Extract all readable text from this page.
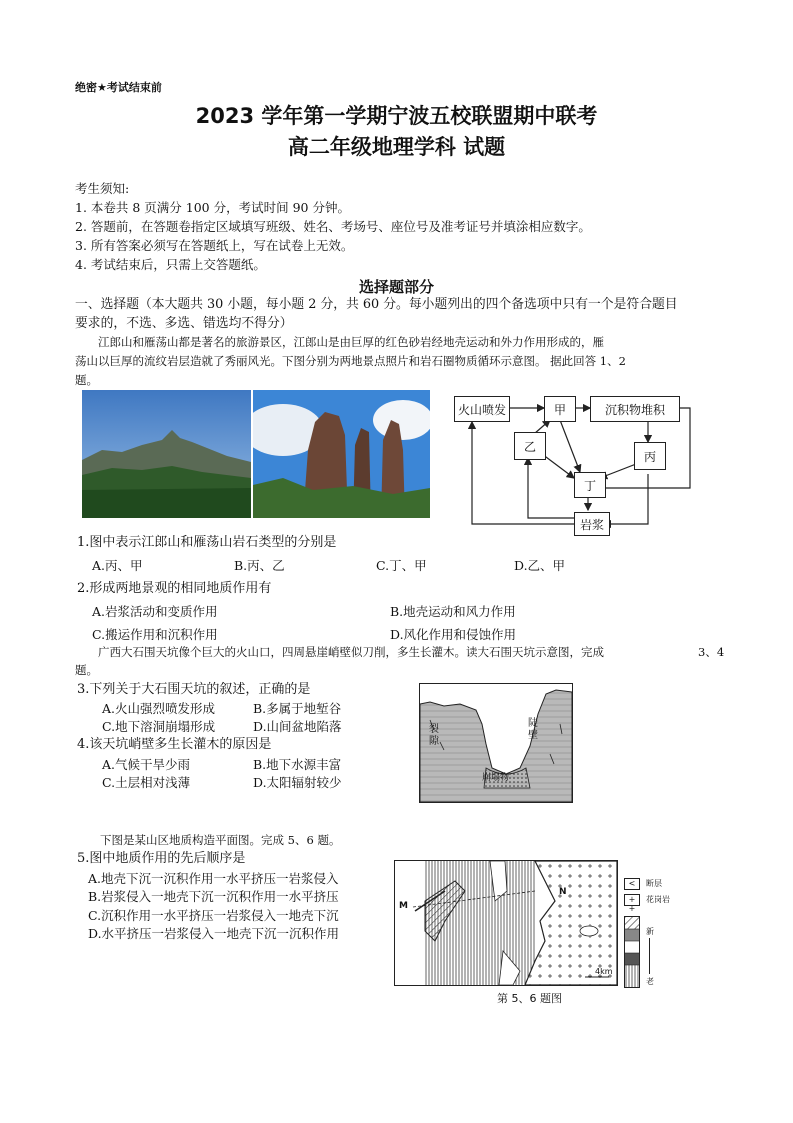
绝密★考试结束前
2023 学年第一学期宁波五校联盟期中联考
高二年级地理学科 试题
考生须知:
1. 本卷共 8 页满分 100 分，考试时间 90 分钟。
2. 答题前，在答题卷指定区域填写班级、姓名、考场号、座位号及准考证号并填涂相应数字。
3. 所有答案必须写在答题纸上，写在试卷上无效。
4. 考试结束后，只需上交答题纸。
选择题部分
一、选择题（本大题共 30 小题，每小题 2 分，共 60 分。每小题列出的四个备选项中只有一个是符合题目
要求的，不选、多选、错选均不得分）
江郎山和雁荡山都是著名的旅游景区，江郎山是由巨厚的红色砂岩经地壳运动和外力作用形成的，雁
荡山以巨厚的流纹岩层造就了秀丽风光。下图分别为两地景点照片和岩石圈物质循环示意图。 据此回答 1、2
题。
火山喷发	甲	沉积物堆积
乙
丙
丁
岩浆
1.图中表示江郎山和雁荡山岩石类型的分别是
A.丙、甲	B.丙、乙	C.丁、甲	D.乙、甲
2.形成两地景观的相同地质作用有
A.岩浆活动和变质作用	B.地壳运动和风力作用
C.搬运作用和沉积作用	D.风化作用和侵蚀作用
广西大石围天坑像个巨大的火山口，四周悬崖峭壁似刀削，多生长灌木。读大石围天坑示意图，完成	3、4
题。
3.下列关于大石围天坑的叙述，正确的是
A.火山强烈喷发形成	B.多属于地堑谷
C.地下溶洞崩塌形成	D.山间盆地陷落
4.该天坑峭壁多生长灌木的原因是
A.气候干旱少雨	B.地下水源丰富
C.土层相对浅薄	D.太阳辐射较少
裂隙
陡壁
崩塌物
下图是某山区地质构造平面图。完成 5、6 题。
5.图中地质作用的先后顺序是
A.地壳下沉一沉积作用一水平挤压一岩浆侵入
B.岩浆侵入一地壳下沉一沉积作用一水平挤压
C.沉积作用一水平挤压一岩浆侵入一地壳下沉
D.水平挤压一岩浆侵入一地壳下沉一沉积作用
M
N
4km
<	断层
+ +
花岗岩
新
老
第 5、6 题图
